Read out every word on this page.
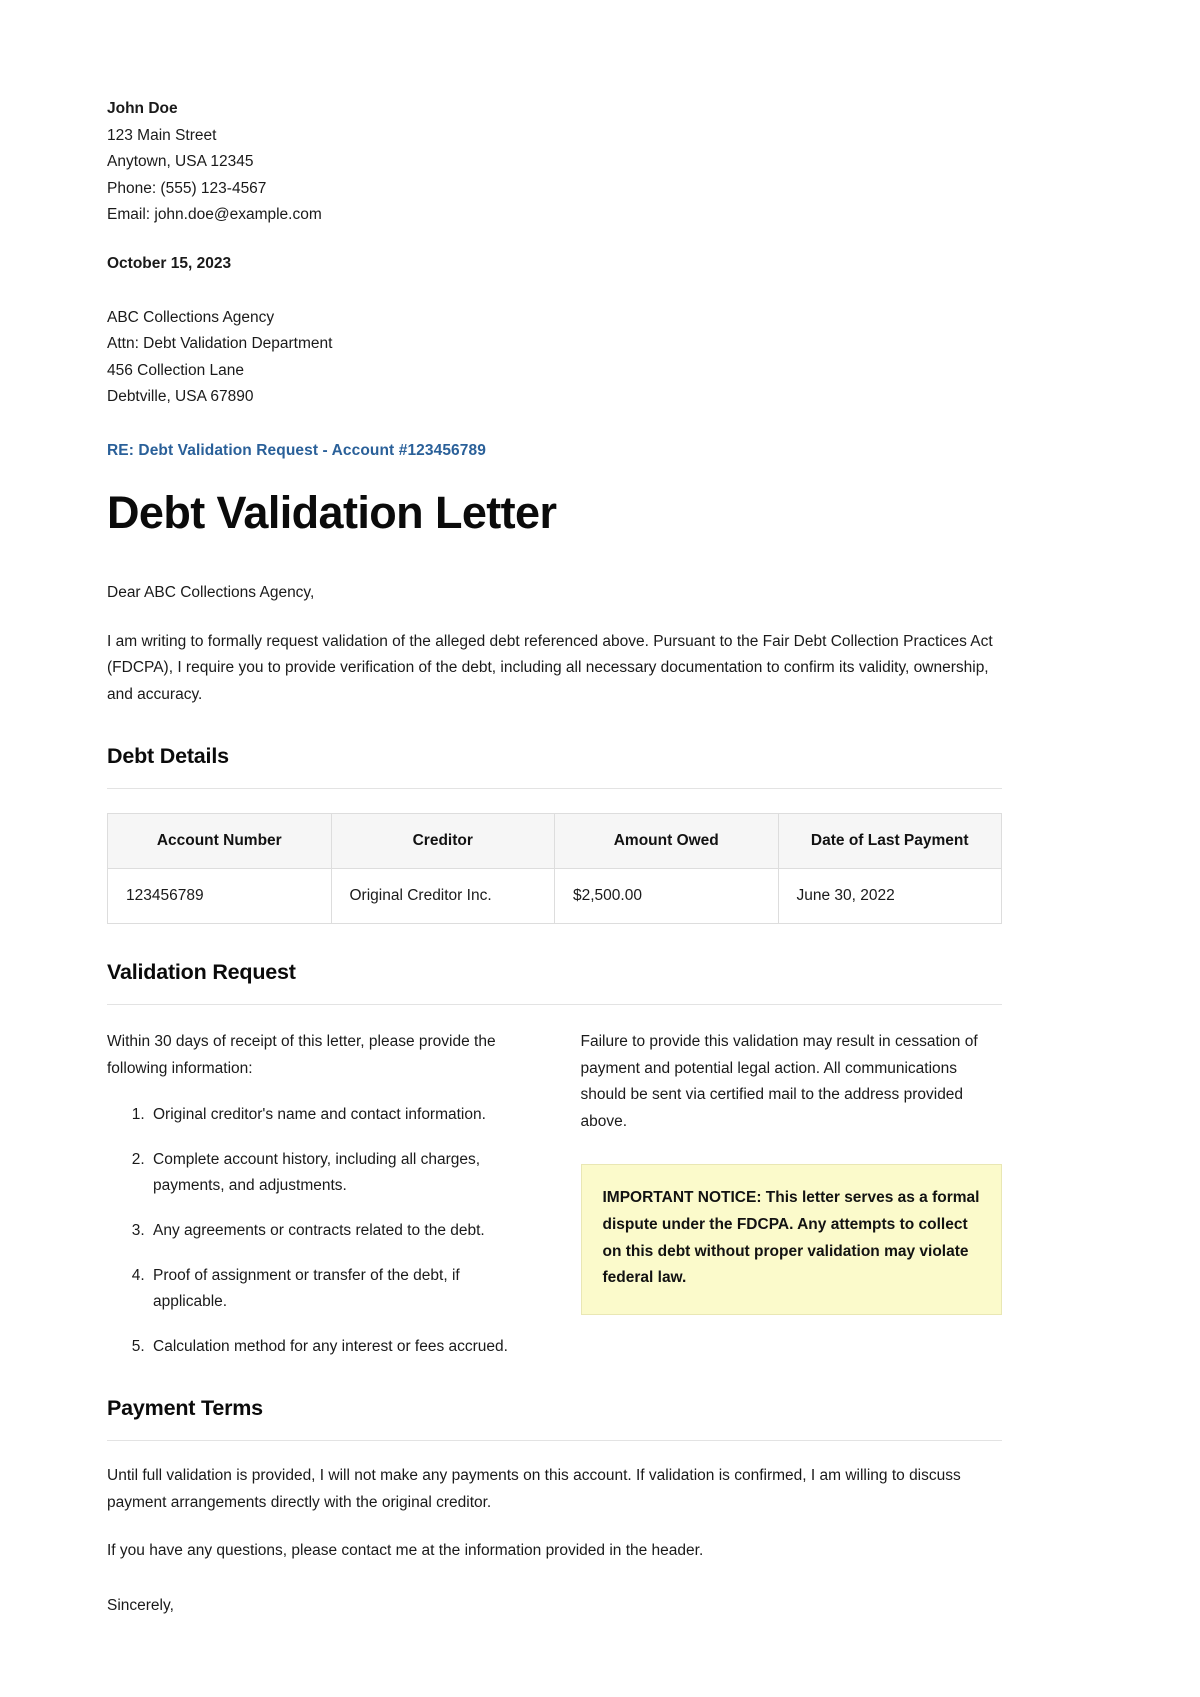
John Doe
123 Main Street
Anytown, USA 12345
Phone: (555) 123-4567
Email: john.doe@example.com
October 15, 2023
ABC Collections Agency
Attn: Debt Validation Department
456 Collection Lane
Debtville, USA 67890
RE: Debt Validation Request - Account #123456789
Debt Validation Letter
Dear ABC Collections Agency,

I am writing to formally request validation of the alleged debt referenced above. Pursuant to the Fair Debt Collection Practices Act (FDCPA), I require you to provide verification of the debt, including all necessary documentation to confirm its validity, ownership, and accuracy.

Debt Details
Account Number	Creditor	Amount Owed	Date of Last Payment
123456789	Original Creditor Inc.	$2,500.00	June 30, 2022
Validation Request

Within 30 days of receipt of this letter, please provide the following information:

1. Original creditor's name and contact information.
2. Complete account history, including all charges, payments, and adjustments.
3. Any agreements or contracts related to the debt.
4. Proof of assignment or transfer of the debt, if applicable.
5. Calculation method for any interest or fees accrued.

Failure to provide this validation may result in cessation of payment and potential legal action. All communications should be sent via certified mail to the address provided above.

IMPORTANT NOTICE: This letter serves as a formal dispute under the FDCPA. Any attempts to collect on this debt without proper validation may violate federal law.
Payment Terms

Until full validation is provided, I will not make any payments on this account. If validation is confirmed, I am willing to discuss payment arrangements directly with the original creditor.

If you have any questions, please contact me at the information provided in the header.

Sincerely,
